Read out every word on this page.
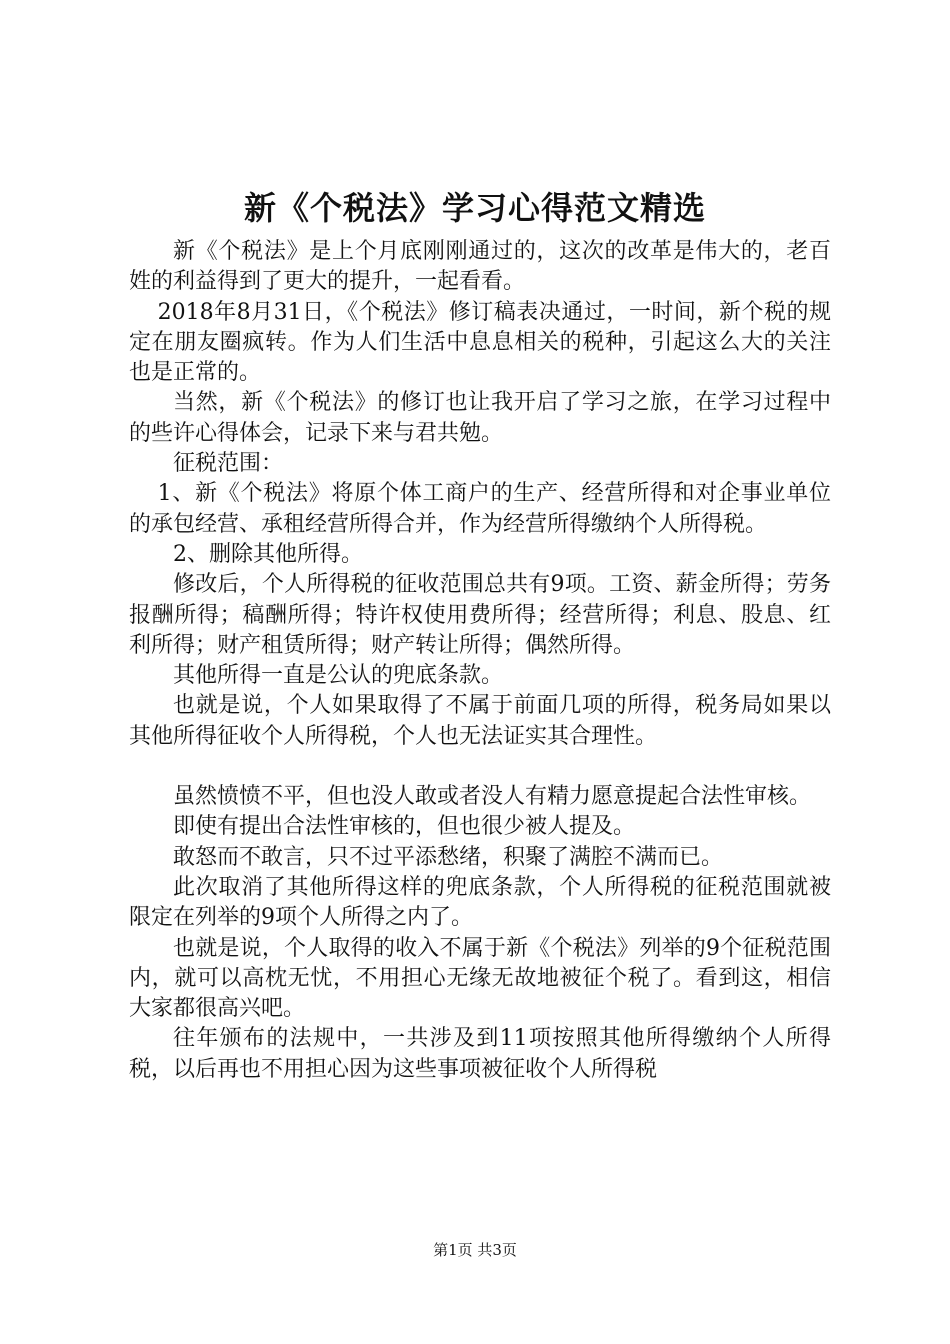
新《个税法》学习心得范文精选

新《个税法》是上个月底刚刚通过的，这次的改革是伟大的，老百姓的利益得到了更大的提升，一起看看。

2018年8月31日，《个税法》修订稿表决通过，一时间，新个税的规定在朋友圈疯转。作为人们生活中息息相关的税种，引起这么大的关注也是正常的。

当然，新《个税法》的修订也让我开启了学习之旅，在学习过程中的些许心得体会，记录下来与君共勉。

征税范围：

1、新《个税法》将原个体工商户的生产、经营所得和对企事业单位的承包经营、承租经营所得合并，作为经营所得缴纳个人所得税。

2、删除其他所得。

修改后，个人所得税的征收范围总共有9项。工资、薪金所得；劳务报酬所得；稿酬所得；特许权使用费所得；经营所得；利息、股息、红利所得；财产租赁所得；财产转让所得；偶然所得。

其他所得一直是公认的兜底条款。

也就是说，个人如果取得了不属于前面几项的所得，税务局如果以其他所得征收个人所得税，个人也无法证实其合理性。

虽然愤愤不平，但也没人敢或者没人有精力愿意提起合法性审核。

即使有提出合法性审核的，但也很少被人提及。

敢怒而不敢言，只不过平添愁绪，积聚了满腔不满而已。

此次取消了其他所得这样的兜底条款，个人所得税的征税范围就被限定在列举的9项个人所得之内了。

也就是说，个人取得的收入不属于新《个税法》列举的9个征税范围内，就可以高枕无忧，不用担心无缘无故地被征个税了。看到这，相信大家都很高兴吧。

往年颁布的法规中，一共涉及到11项按照其他所得缴纳个人所得税，以后再也不用担心因为这些事项被征收个人所得税

第1页 共3页
